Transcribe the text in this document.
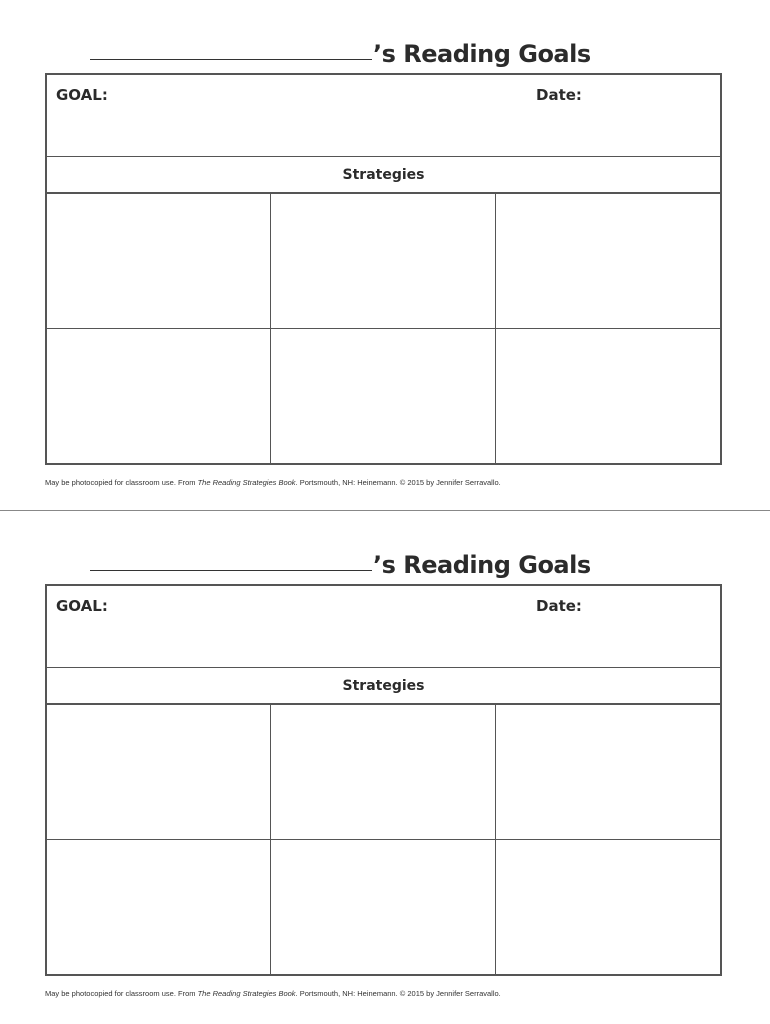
’s Reading Goals
GOAL:	Date:
Strategies
May be photocopied for classroom use. From The Reading Strategies Book. Portsmouth, NH: Heinemann. © 2015 by Jennifer Serravallo.
’s Reading Goals
GOAL:	Date:
Strategies
May be photocopied for classroom use. From The Reading Strategies Book. Portsmouth, NH: Heinemann. © 2015 by Jennifer Serravallo.
